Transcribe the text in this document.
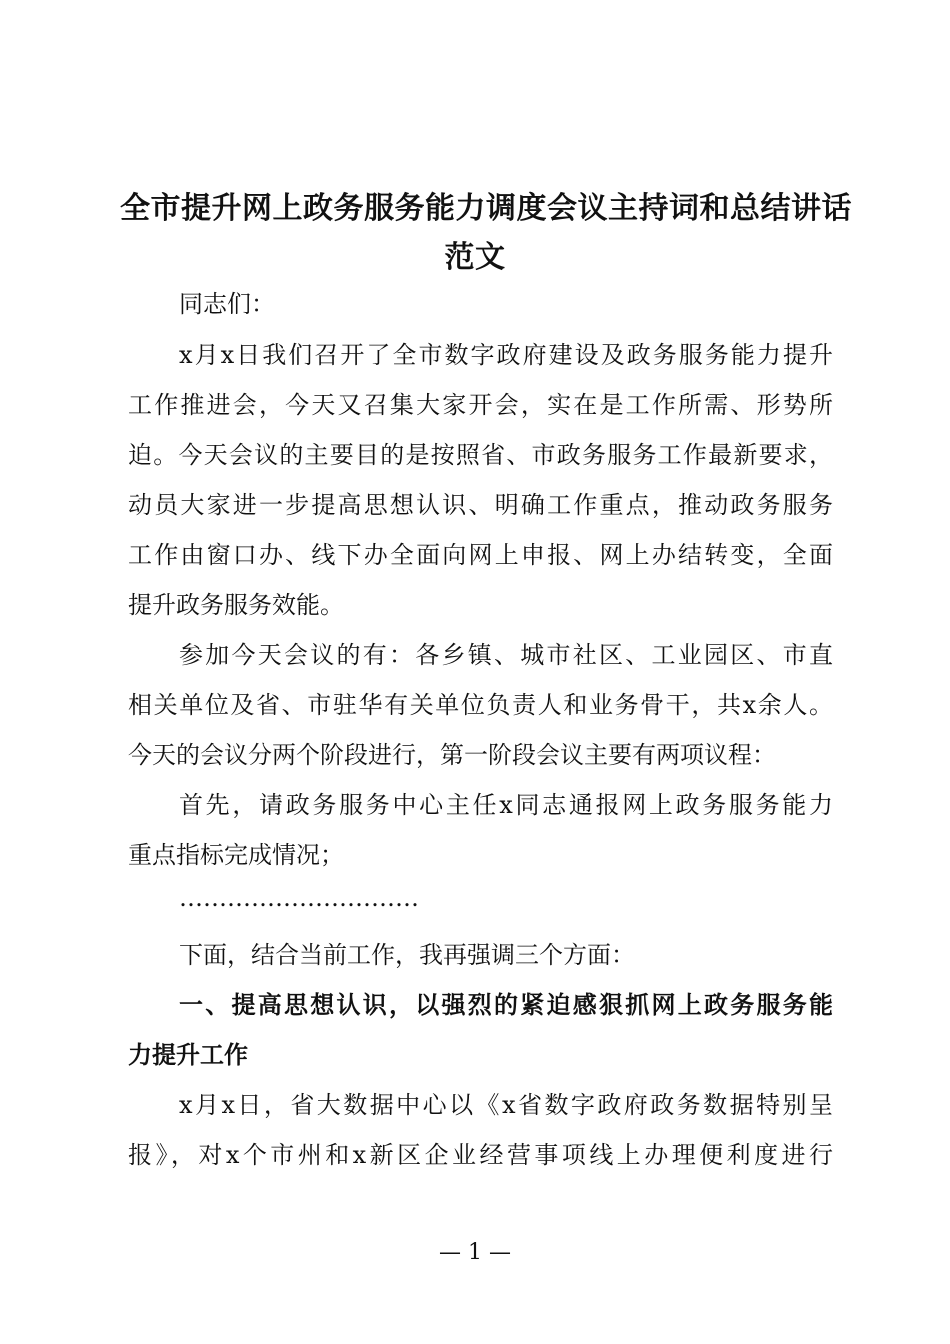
全市提升网上政务服务能力调度会议主持词和总结讲话
范文
同志们：
x月x日我们召开了全市数字政府建设及政务服务能力提升
工作推进会，今天又召集大家开会，实在是工作所需、形势所
迫。今天会议的主要目的是按照省、市政务服务工作最新要求，
动员大家进一步提高思想认识、明确工作重点，推动政务服务
工作由窗口办、线下办全面向网上申报、网上办结转变，全面
提升政务服务效能。
参加今天会议的有：各乡镇、城市社区、工业园区、市直
相关单位及省、市驻华有关单位负责人和业务骨干，共x余人。
今天的会议分两个阶段进行，第一阶段会议主要有两项议程：
首先，请政务服务中心主任x同志通报网上政务服务能力
重点指标完成情况；
…………………………
下面，结合当前工作，我再强调三个方面：
一、提高思想认识，以强烈的紧迫感狠抓网上政务服务能
力提升工作
x月x日，省大数据中心以《x省数字政府政务数据特别呈
报》，对x个市州和x新区企业经营事项线上办理便利度进行
— 1 —
